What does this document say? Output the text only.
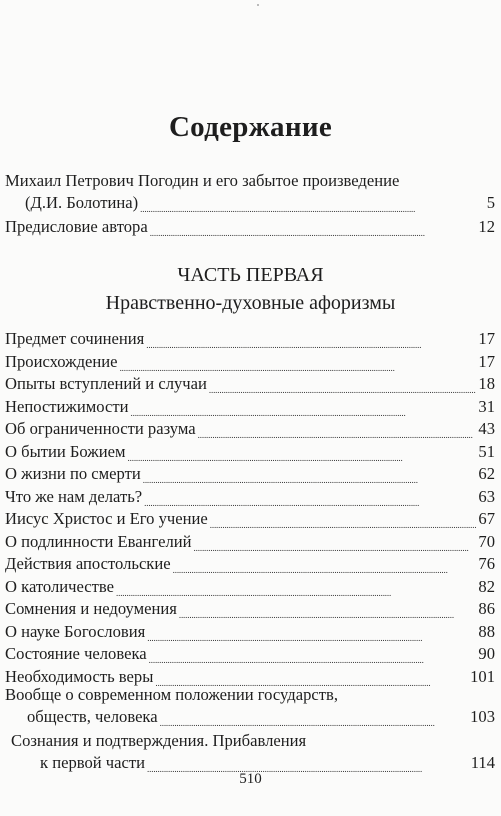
Содержание
Михаил Петрович Погодин и его забытое произведение
(Д.И. Болотина) . . .	5
Предисловие автора . . .	12
ЧАСТЬ ПЕРВАЯ
Нравственно-духовные афоризмы
Предмет сочинения . . .	17
Происхождение . . .	17
Опыты вступлений и случаи . . .	18
Непостижимости . . .	31
Об ограниченности разума . . .	43
О бытии Божием . . .	51
О жизни по смерти . . .	62
Что же нам делать? . . .	63
Иисус Христос и Его учение . . .	67
О подлинности Евангелий . . .	70
Действия апостольские . . .	76
О католичестве . . .	82
Сомнения и недоумения . . .	86
О науке Богословия . . .	88
Состояние человека . . .	90
Необходимость веры . . .	101
Вообще о современном положении государств,
обществ, человека . . .	103
Сознания и подтверждения. Прибавления
к первой части . . .	114
510
